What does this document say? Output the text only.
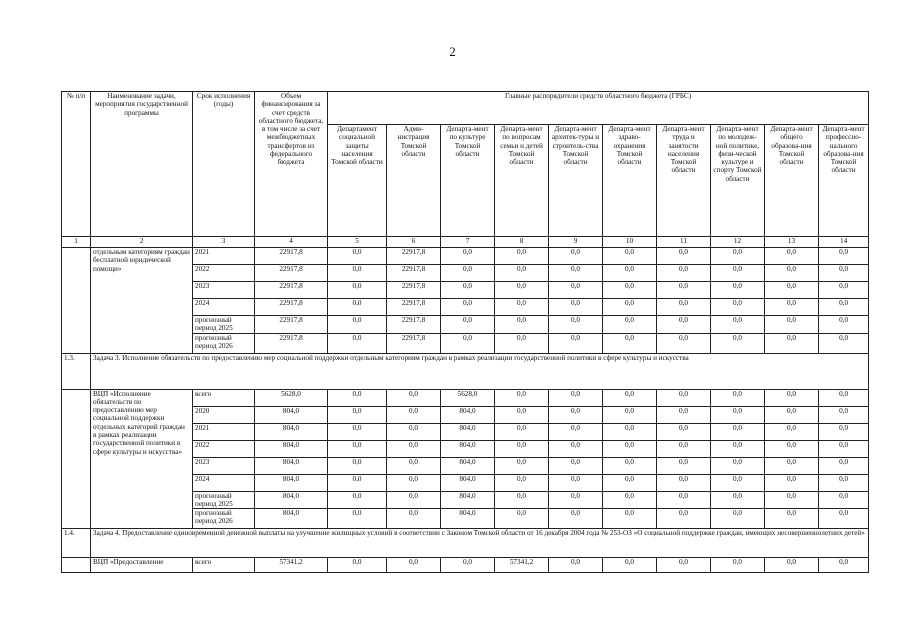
2
№ п/п	Наименование задачи, мероприятия государственной программы	Срок исполнения (годы)	Объем финансирования за счет средств областного бюджета, в том числе за счет межбюджетных трансфертов из федерального бюджета	Главные распорядители средств областного бюджета (ГРБС)									
				Департамент социальной защиты населения Томской области	Адми-нистрация Томской области	Департа-мент по культуре Томской области	Департа-мент по вопросам семьи и детей Томской области	Департа-мент архитек-туры и строитель-ства Томской области	Департа-мент здраво-охранения Томской области	Департа-мент труда и занятости населения Томской области	Департа-мент по молодеж-ной политике, физи-ческой культуре и спорту Томской области	Департа-мент общего образова-ния Томской области	Департа-мент профессио-нального образова-ния Томской области
1	2	3	4	5	6	7	8	9	10	11	12	13	14
	отдельным категориям граждан бесплатной юридической помощи»	2021	22917,8	0,0	22917,8	0,0	0,0	0,0	0,0	0,0	0,0	0,0	0,0
		2022	22917,8	0,0	22917,8	0,0	0,0	0,0	0,0	0,0	0,0	0,0	0,0
		2023	22917,8	0,0	22917,8	0,0	0,0	0,0	0,0	0,0	0,0	0,0	0,0
		2024	22917,8	0,0	22917,8	0,0	0,0	0,0	0,0	0,0	0,0	0,0	0,0
		прогнозный период 2025	22917,8	0,0	22917,8	0,0	0,0	0,0	0,0	0,0	0,0	0,0	0,0
		прогнозный период 2026	22917,8	0,0	22917,8	0,0	0,0	0,0	0,0	0,0	0,0	0,0	0,0
1.3.	Задача 3. Исполнение обязательств по предоставлению мер социальной поддержки отдельным категориям граждан в рамках реализации государственной политики в сфере культуры и искусства												
	ВЦП «Исполнение обязательств по предоставлению мер социальной поддержки отдельных категорий граждан в рамках реализации государственной политики в сфере культуры и искусства»	всего	5628,0	0,0	0,0	5628,0	0,0	0,0	0,0	0,0	0,0	0,0	0,0
		2020	804,0	0,0	0,0	804,0	0,0	0,0	0,0	0,0	0,0	0,0	0,0
		2021	804,0	0,0	0,0	804,0	0,0	0,0	0,0	0,0	0,0	0,0	0,0
		2022	804,0	0,0	0,0	804,0	0,0	0,0	0,0	0,0	0,0	0,0	0,0
		2023	804,0	0,0	0,0	804,0	0,0	0,0	0,0	0,0	0,0	0,0	0,0
		2024	804,0	0,0	0,0	804,0	0,0	0,0	0,0	0,0	0,0	0,0	0,0
		прогнозный период 2025	804,0	0,0	0,0	804,0	0,0	0,0	0,0	0,0	0,0	0,0	0,0
		прогнозный период 2026	804,0	0,0	0,0	804,0	0,0	0,0	0,0	0,0	0,0	0,0	0,0
1.4.	Задача 4. Предоставление единовременной денежной выплаты на улучшение жилищных условий в соответствии с Законом Томской области от 16 декабря 2004 года № 253-ОЗ «О социальной поддержке граждан, имеющих несовершеннолетних детей»												
	ВЦП «Предоставление	всего	57341,2	0,0	0,0	0,0	57341,2	0,0	0,0	0,0	0,0	0,0	0,0
